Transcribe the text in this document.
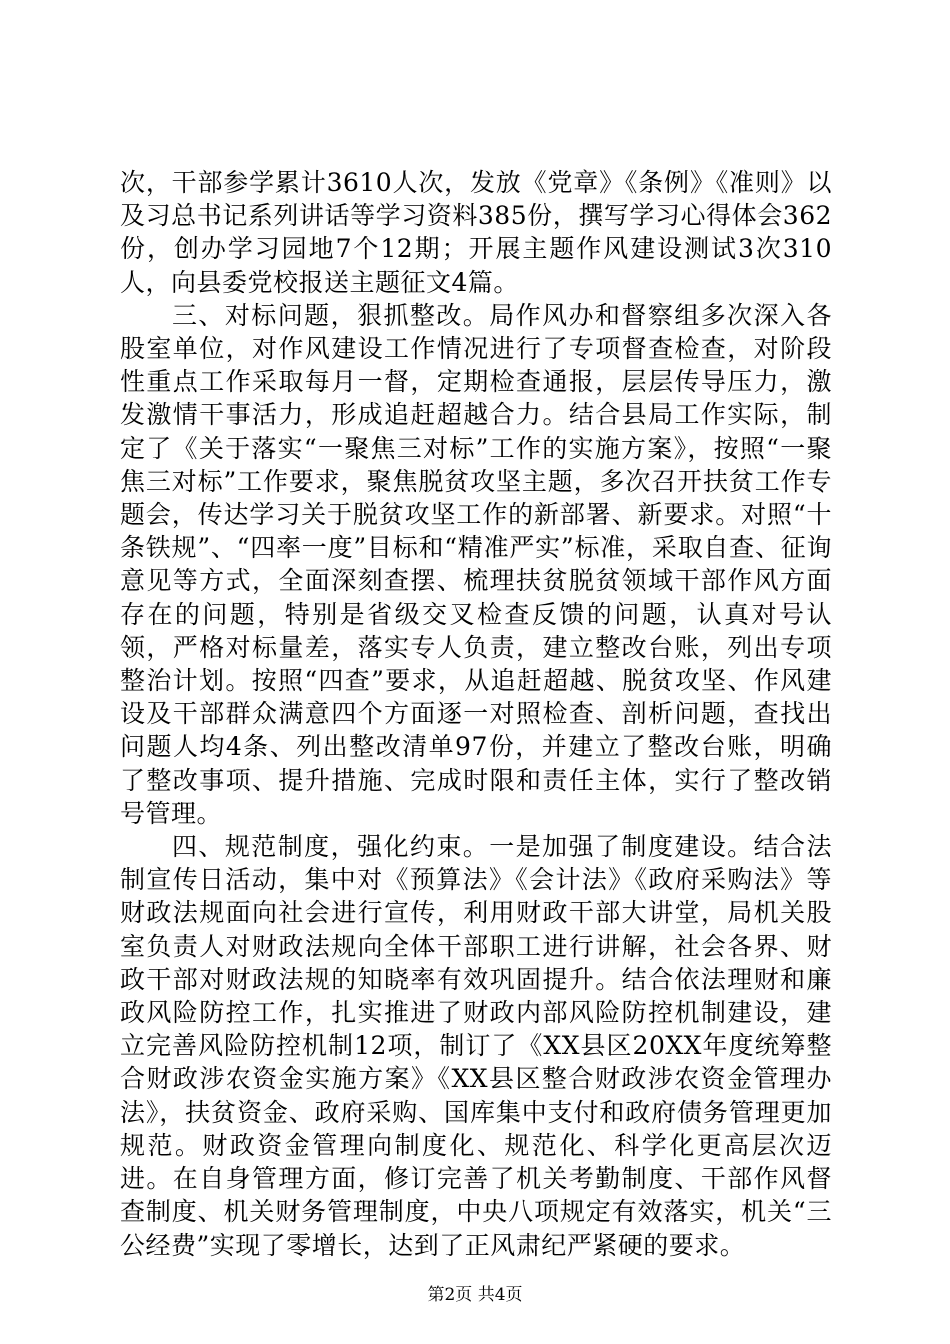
次，干部参学累计3610人次，发放《党章》《条例》《准则》以及习总书记系列讲话等学习资料385份，撰写学习心得体会362份，创办学习园地7个12期；开展主题作风建设测试3次310人，向县委党校报送主题征文4篇。

三、对标问题，狠抓整改。局作风办和督察组多次深入各股室单位，对作风建设工作情况进行了专项督查检查，对阶段性重点工作采取每月一督，定期检查通报，层层传导压力，激发激情干事活力，形成追赶超越合力。结合县局工作实际，制定了《关于落实“一聚焦三对标”工作的实施方案》，按照“一聚焦三对标”工作要求，聚焦脱贫攻坚主题，多次召开扶贫工作专题会，传达学习关于脱贫攻坚工作的新部署、新要求。对照“十条铁规”、“四率一度”目标和“精准严实”标准，采取自查、征询意见等方式，全面深刻查摆、梳理扶贫脱贫领域干部作风方面存在的问题，特别是省级交叉检查反馈的问题，认真对号认领，严格对标量差，落实专人负责，建立整改台账，列出专项整治计划。按照“四查”要求，从追赶超越、脱贫攻坚、作风建设及干部群众满意四个方面逐一对照检查、剖析问题，查找出问题人均4条、列出整改清单97份，并建立了整改台账，明确了整改事项、提升措施、完成时限和责任主体，实行了整改销号管理。

四、规范制度，强化约束。一是加强了制度建设。结合法制宣传日活动，集中对《预算法》《会计法》《政府采购法》等财政法规面向社会进行宣传，利用财政干部大讲堂，局机关股室负责人对财政法规向全体干部职工进行讲解，社会各界、财政干部对财政法规的知晓率有效巩固提升。结合依法理财和廉政风险防控工作，扎实推进了财政内部风险防控机制建设，建立完善风险防控机制12项，制订了《XX县区20XX年度统筹整合财政涉农资金实施方案》《XX县区整合财政涉农资金管理办法》，扶贫资金、政府采购、国库集中支付和政府债务管理更加规范。财政资金管理向制度化、规范化、科学化更高层次迈进。在自身管理方面，修订完善了机关考勤制度、干部作风督查制度、机关财务管理制度，中央八项规定有效落实，机关“三公经费”实现了零增长，达到了正风肃纪严紧硬的要求。

第2页 共4页
